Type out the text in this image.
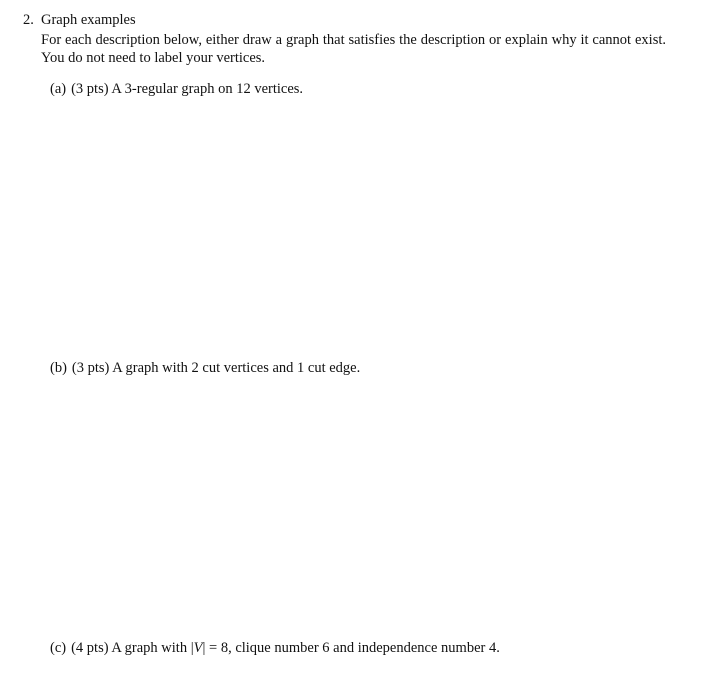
2. Graph examples
For each description below, either draw a graph that satisfies the description or explain why it cannot exist. You do not need to label your vertices.
(a) (3 pts) A 3-regular graph on 12 vertices.
(b) (3 pts) A graph with 2 cut vertices and 1 cut edge.
(c) (4 pts) A graph with |V| = 8, clique number 6 and independence number 4.
